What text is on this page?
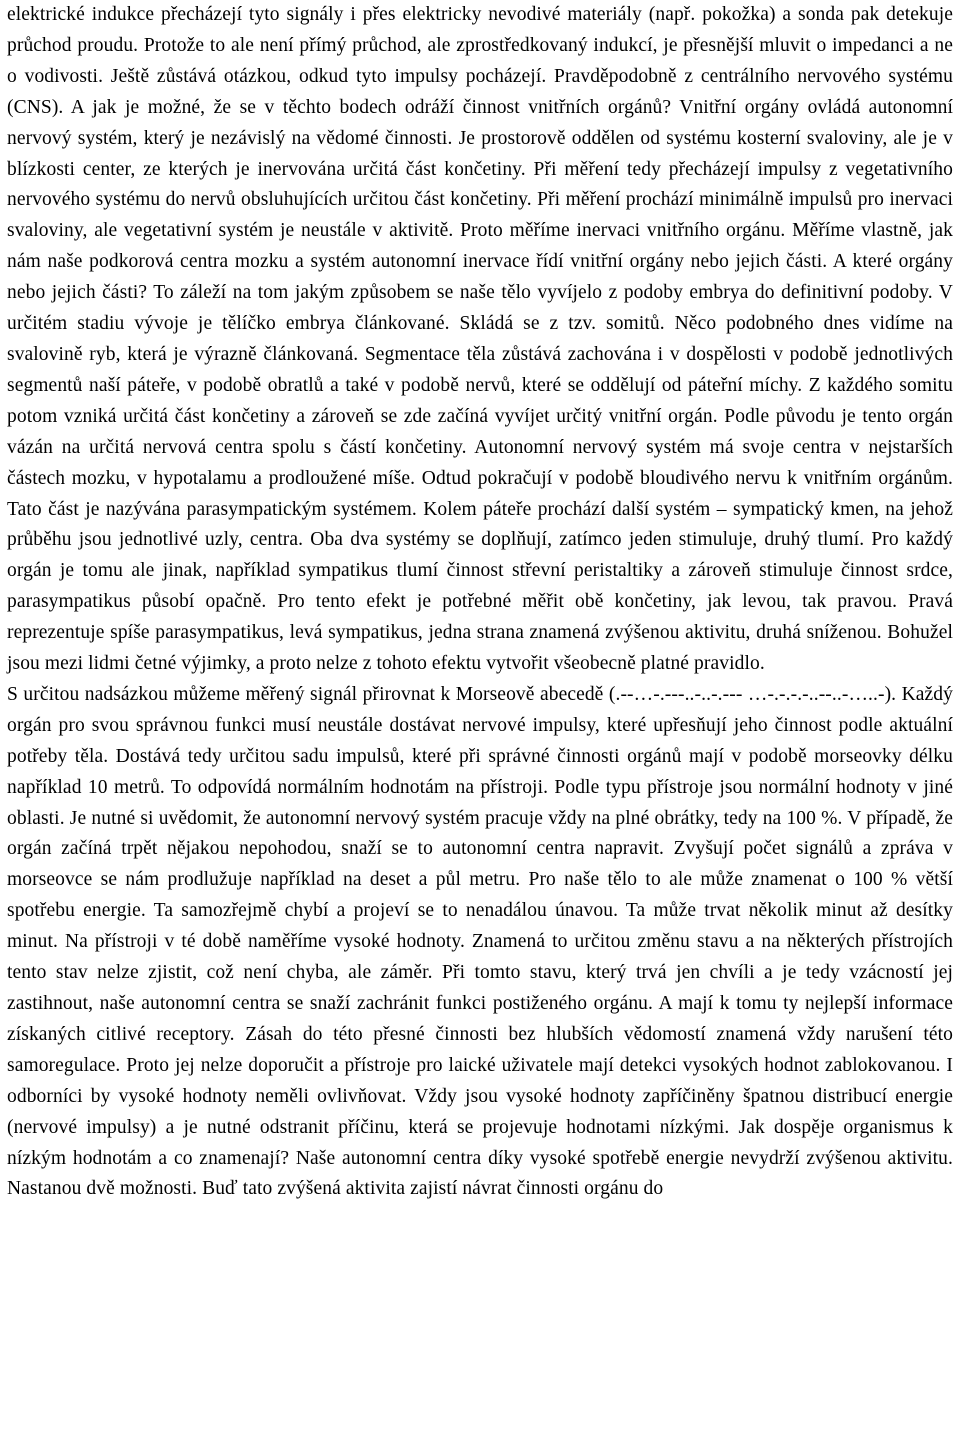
elektrické indukce přecházejí tyto signály i přes elektricky nevodivé materiály (např. pokožka) a sonda pak detekuje průchod proudu. Protože to ale není přímý průchod, ale zprostředkovaný indukcí, je přesnější mluvit o impedanci a ne o vodivosti. Ještě zůstává otázkou, odkud tyto impulsy pocházejí. Pravděpodobně z centrálního nervového systému (CNS). A jak je možné, že se v těchto bodech odráží činnost vnitřních orgánů? Vnitřní orgány ovládá autonomní nervový systém, který je nezávislý na vědomé činnosti. Je prostorově oddělen od systému kosterní svaloviny, ale je v blízkosti center, ze kterých je inervována určitá část končetiny. Při měření tedy přecházejí impulsy z vegetativního nervového systému do nervů obsluhujících určitou část končetiny. Při měření prochází minimálně impulsů pro inervaci svaloviny, ale vegetativní systém je neustále v aktivitě. Proto měříme inervaci vnitřního orgánu. Měříme vlastně, jak nám naše podkorová centra mozku a systém autonomní inervace řídí vnitřní orgány nebo jejich části. A které orgány nebo jejich části? To záleží na tom jakým způsobem se naše tělo vyvíjelo z podoby embrya do definitivní podoby. V určitém stadiu vývoje je tělíčko embrya článkované. Skládá se z tzv. somitů. Něco podobného dnes vidíme na svalovině ryb, která je výrazně článkovaná. Segmentace těla zůstává zachována i v dospělosti v podobě jednotlivých segmentů naší páteře, v podobě obratlů a také v podobě nervů, které se oddělují od páteřní míchy. Z každého somitu potom vzniká určitá část končetiny a zároveň se zde začíná vyvíjet určitý vnitřní orgán. Podle původu je tento orgán vázán na určitá nervová centra spolu s částí končetiny. Autonomní nervový systém má svoje centra v nejstarších částech mozku, v hypotalamu a prodloužené míše. Odtud pokračují v podobě bloudivého nervu k vnitřním orgánům. Tato část je nazývána parasympatickým systémem. Kolem páteře prochází další systém – sympatický kmen, na jehož průběhu jsou jednotlivé uzly, centra. Oba dva systémy se doplňují, zatímco jeden stimuluje, druhý tlumí. Pro každý orgán je tomu ale jinak, například sympatikus tlumí činnost střevní peristaltiky a zároveň stimuluje činnost srdce, parasympatikus působí opačně. Pro tento efekt je potřebné měřit obě končetiny, jak levou, tak pravou. Pravá reprezentuje spíše parasympatikus, levá sympatikus, jedna strana znamená zvýšenou aktivitu, druhá sníženou. Bohužel jsou mezi lidmi četné výjimky, a proto nelze z tohoto efektu vytvořit všeobecně platné pravidlo.

S určitou nadsázkou můžeme měřený signál přirovnat k Morseově abecedě (.--…-.---..-..-.--- …-.-.-.-..--..-…..-). Každý orgán pro svou správnou funkci musí neustále dostávat nervové impulsy, které upřesňují jeho činnost podle aktuální potřeby těla. Dostává tedy určitou sadu impulsů, které při správné činnosti orgánů mají v podobě morseovky délku například 10 metrů. To odpovídá normálním hodnotám na přístroji. Podle typu přístroje jsou normální hodnoty v jiné oblasti. Je nutné si uvědomit, že autonomní nervový systém pracuje vždy na plné obrátky, tedy na 100 %. V případě, že orgán začíná trpět nějakou nepohodou, snaží se to autonomní centra napravit. Zvyšují počet signálů a zpráva v morseovce se nám prodlužuje například na deset a půl metru. Pro naše tělo to ale může znamenat o 100 % větší spotřebu energie. Ta samozřejmě chybí a projeví se to nenadálou únavou. Ta může trvat několik minut až desítky minut. Na přístroji v té době naměříme vysoké hodnoty. Znamená to určitou změnu stavu a na některých přístrojích tento stav nelze zjistit, což není chyba, ale záměr. Při tomto stavu, který trvá jen chvíli a je tedy vzácností jej zastihnout, naše autonomní centra se snaží zachránit funkci postiženého orgánu. A mají k tomu ty nejlepší informace získaných citlivé receptory. Zásah do této přesné činnosti bez hlubších vědomostí znamená vždy narušení této samoregulace. Proto jej nelze doporučit a přístroje pro laické uživatele mají detekci vysokých hodnot zablokovanou. I odborníci by vysoké hodnoty neměli ovlivňovat. Vždy jsou vysoké hodnoty zapříčiněny špatnou distribucí energie (nervové impulsy) a je nutné odstranit příčinu, která se projevuje hodnotami nízkými. Jak dospěje organismus k nízkým hodnotám a co znamenají? Naše autonomní centra díky vysoké spotřebě energie nevydrží zvýšenou aktivitu. Nastanou dvě možnosti. Buď tato zvýšená aktivita zajistí návrat činnosti orgánu do
